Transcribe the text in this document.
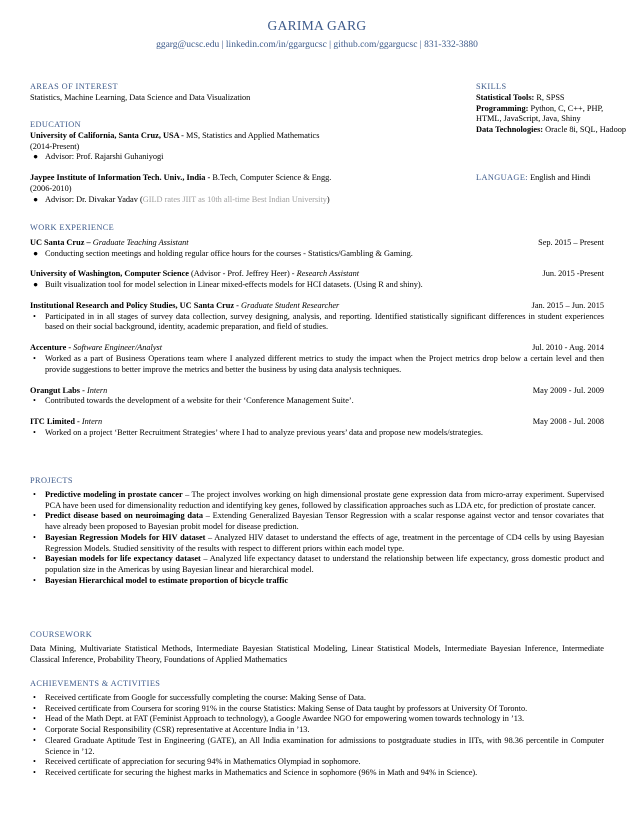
GARIMA GARG
ggarg@ucsc.edu | linkedin.com/in/ggargucsc | github.com/ggargucsc | 831-332-3880
SKILLS
Statistical Tools: R, SPSS
Programming: Python, C, C++, PHP,
HTML, JavaScript, Java, Shiny
Data Technologies: Oracle 8i, SQL, Hadoop
AREAS OF INTEREST
Statistics, Machine Learning, Data Science and Data Visualization
EDUCATION
University of California, Santa Cruz, USA - MS, Statistics and Applied Mathematics
(2014-Present)
● Advisor: Prof. Rajarshi Guhaniyogi
Jaypee Institute of Information Tech. Univ., India - B.Tech, Computer Science & Engg.	LANGUAGE: English and Hindi
(2006-2010)
● Advisor: Dr. Divakar Yadav (GILD rates JIIT as 10th all-time Best Indian University)
WORK EXPERIENCE
UC Santa Cruz – Graduate Teaching Assistant	Sep. 2015 – Present
● Conducting section meetings and holding regular office hours for the courses - Statistics/Gambling & Gaming.
University of Washington, Computer Science (Advisor - Prof. Jeffrey Heer) - Research Assistant	Jun. 2015 -Present
● Built visualization tool for model selection in Linear mixed-effects models for HCI datasets. (Using R and shiny).
Institutional Research and Policy Studies, UC Santa Cruz - Graduate Student Researcher	Jan. 2015 – Jun. 2015
• Participated in in all stages of survey data collection, survey designing, analysis, and reporting. Identified statistically significant differences in student experiences based on their social background, identity, academic preparation, and field of studies.
Accenture - Software Engineer/Analyst	Jul. 2010 - Aug. 2014
• Worked as a part of Business Operations team where I analyzed different metrics to study the impact when the Project metrics drop below a certain level and then provide suggestions to better improve the metrics and better the business by using data analysis techniques.
Orangut Labs - Intern	May 2009 - Jul. 2009
• Contributed towards the development of a website for their ‘Conference Management Suite’.
ITC Limited - Intern	May 2008 - Jul. 2008
• Worked on a project ‘Better Recruitment Strategies’ where I had to analyze previous years’ data and propose new models/strategies.
PROJECTS
• Predictive modeling in prostate cancer – The project involves working on high dimensional prostate gene expression data from micro-array experiment. Supervised PCA have been used for dimensionality reduction and identifying key genes, followed by classification approaches such as LDA etc, for prediction of prostate cancer.
• Predict disease based on neuroimaging data – Extending Generalized Bayesian Tensor Regression with a scalar response against vector and tensor covariates that have already been proposed to Bayesian probit model for disease prediction.
• Bayesian Regression Models for HIV dataset – Analyzed HIV dataset to understand the effects of age, treatment in the percentage of CD4 cells by using Bayesian Regression Models. Studied sensitivity of the results with respect to different priors within each model type.
• Bayesian models for life expectancy dataset – Analyzed life expectancy dataset to understand the relationship between life expectancy, gross domestic product and population size in the Americas by using Bayesian linear and hierarchical model.
• Bayesian Hierarchical model to estimate proportion of bicycle traffic
COURSEWORK
Data Mining, Multivariate Statistical Methods, Intermediate Bayesian Statistical Modeling, Linear Statistical Models, Intermediate Bayesian Inference, Intermediate Classical Inference, Probability Theory, Foundations of Applied Mathematics
ACHIEVEMENTS & ACTIVITIES
• Received certificate from Google for successfully completing the course: Making Sense of Data.
• Received certificate from Coursera for scoring 91% in the course Statistics: Making Sense of Data taught by professors at University Of Toronto.
• Head of the Math Dept. at FAT (Feminist Approach to technology), a Google Awardee NGO for empowering women towards technology in ’13.
• Corporate Social Responsibility (CSR) representative at Accenture India in ’13.
• Cleared Graduate Aptitude Test in Engineering (GATE), an All India examination for admissions to postgraduate studies in IITs, with 98.36 percentile in Computer Science in ’12.
• Received certificate of appreciation for securing 94% in Mathematics Olympiad in sophomore.
• Received certificate for securing the highest marks in Mathematics and Science in sophomore (96% in Math and 94% in Science).
